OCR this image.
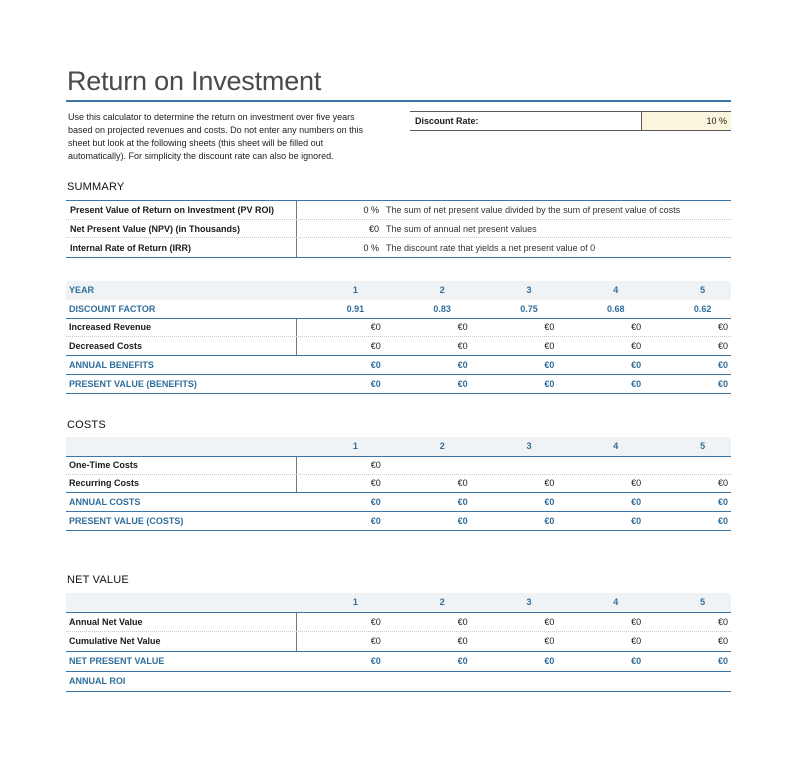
Return on Investment
Use this calculator to determine the return on investment over five years based on projected revenues and costs. Do not enter any numbers on this sheet but look at the following sheets (this sheet will be filled out automatically). For simplicity the discount rate can also be ignored.
Discount Rate:	10 %
SUMMARY
Present Value of Return on Investment (PV ROI)	0 % The sum of net present value divided by the sum of present value of costs
Net Present Value (NPV) (in Thousands)	€0 The sum of annual net present values
Internal Rate of Return (IRR)	0 % The discount rate that yields a net present value of 0
YEAR	1	2	3	4	5
DISCOUNT FACTOR	0.91	0.83	0.75	0.68	0.62
Increased Revenue	€0	€0	€0	€0	€0
Decreased Costs	€0	€0	€0	€0	€0
ANNUAL BENEFITS	€0	€0	€0	€0	€0
PRESENT VALUE (BENEFITS)	€0	€0	€0	€0	€0
COSTS
1	2	3	4	5
One-Time Costs	€0
Recurring Costs	€0	€0	€0	€0	€0
ANNUAL COSTS	€0	€0	€0	€0	€0
PRESENT VALUE (COSTS)	€0	€0	€0	€0	€0
NET VALUE
1	2	3	4	5
Annual Net Value	€0	€0	€0	€0	€0
Cumulative Net Value	€0	€0	€0	€0	€0
NET PRESENT VALUE	€0	€0	€0	€0	€0
ANNUAL ROI
